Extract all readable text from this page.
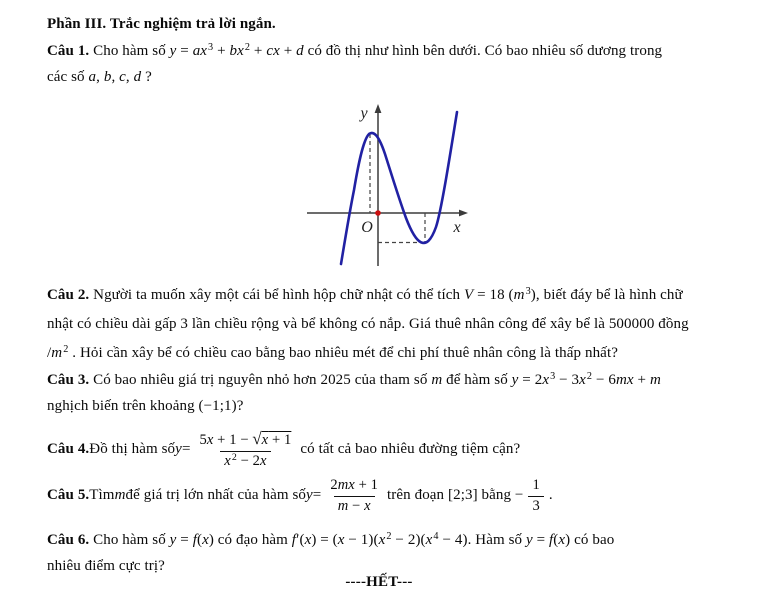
Phần III. Trắc nghiệm trả lời ngắn.
Câu 1. Cho hàm số $y = ax^3 + bx^2$ + cx + d có đồ thị như hình bên dưới. Có bao nhiêu số dương trong
các số a, b, c, d ?
y
x
O
Câu 2. Người ta muốn xây một cái bể hình hộp chữ nhật có thể tích V = 18 $(m^3)$, biết đáy bể là hình chữ
nhật có chiều dài gấp 3 lần chiều rộng và bể không có nắp. Giá thuê nhân công để xây bể là 500000 đồng
$/m^2$ . Hỏi cần xây bể có chiều cao bằng bao nhiêu mét để chi phí thuê nhân công là thấp nhất?
Câu 3. Có bao nhiêu giá trị nguyên nhỏ hơn 2025 của tham số m để hàm số $y = 2x^3 - 3x^2 - 6mx + m$
nghịch biến trên khoảng (−1;1)?
Câu 4. Đồ thị hàm số $y = \frac{5x + 1 - √x + 1}{x^2 - 2x}$ có tất cả bao nhiêu đường tiệm cận?
Câu 5. Tìm m để giá trị lớn nhất của hàm số $y = \frac{2mx + 1}{m - x}$ trên đoạn [2;3] bằng − $\frac{1}{3}$ .
Câu 6. Cho hàm số y = f(x) có đạo hàm $f'(x) = (x - 1)(x^2 - 2)(x^4 - 4)$. Hàm số y = f(x) có bao
nhiêu điểm cực trị?
----HẾT---
